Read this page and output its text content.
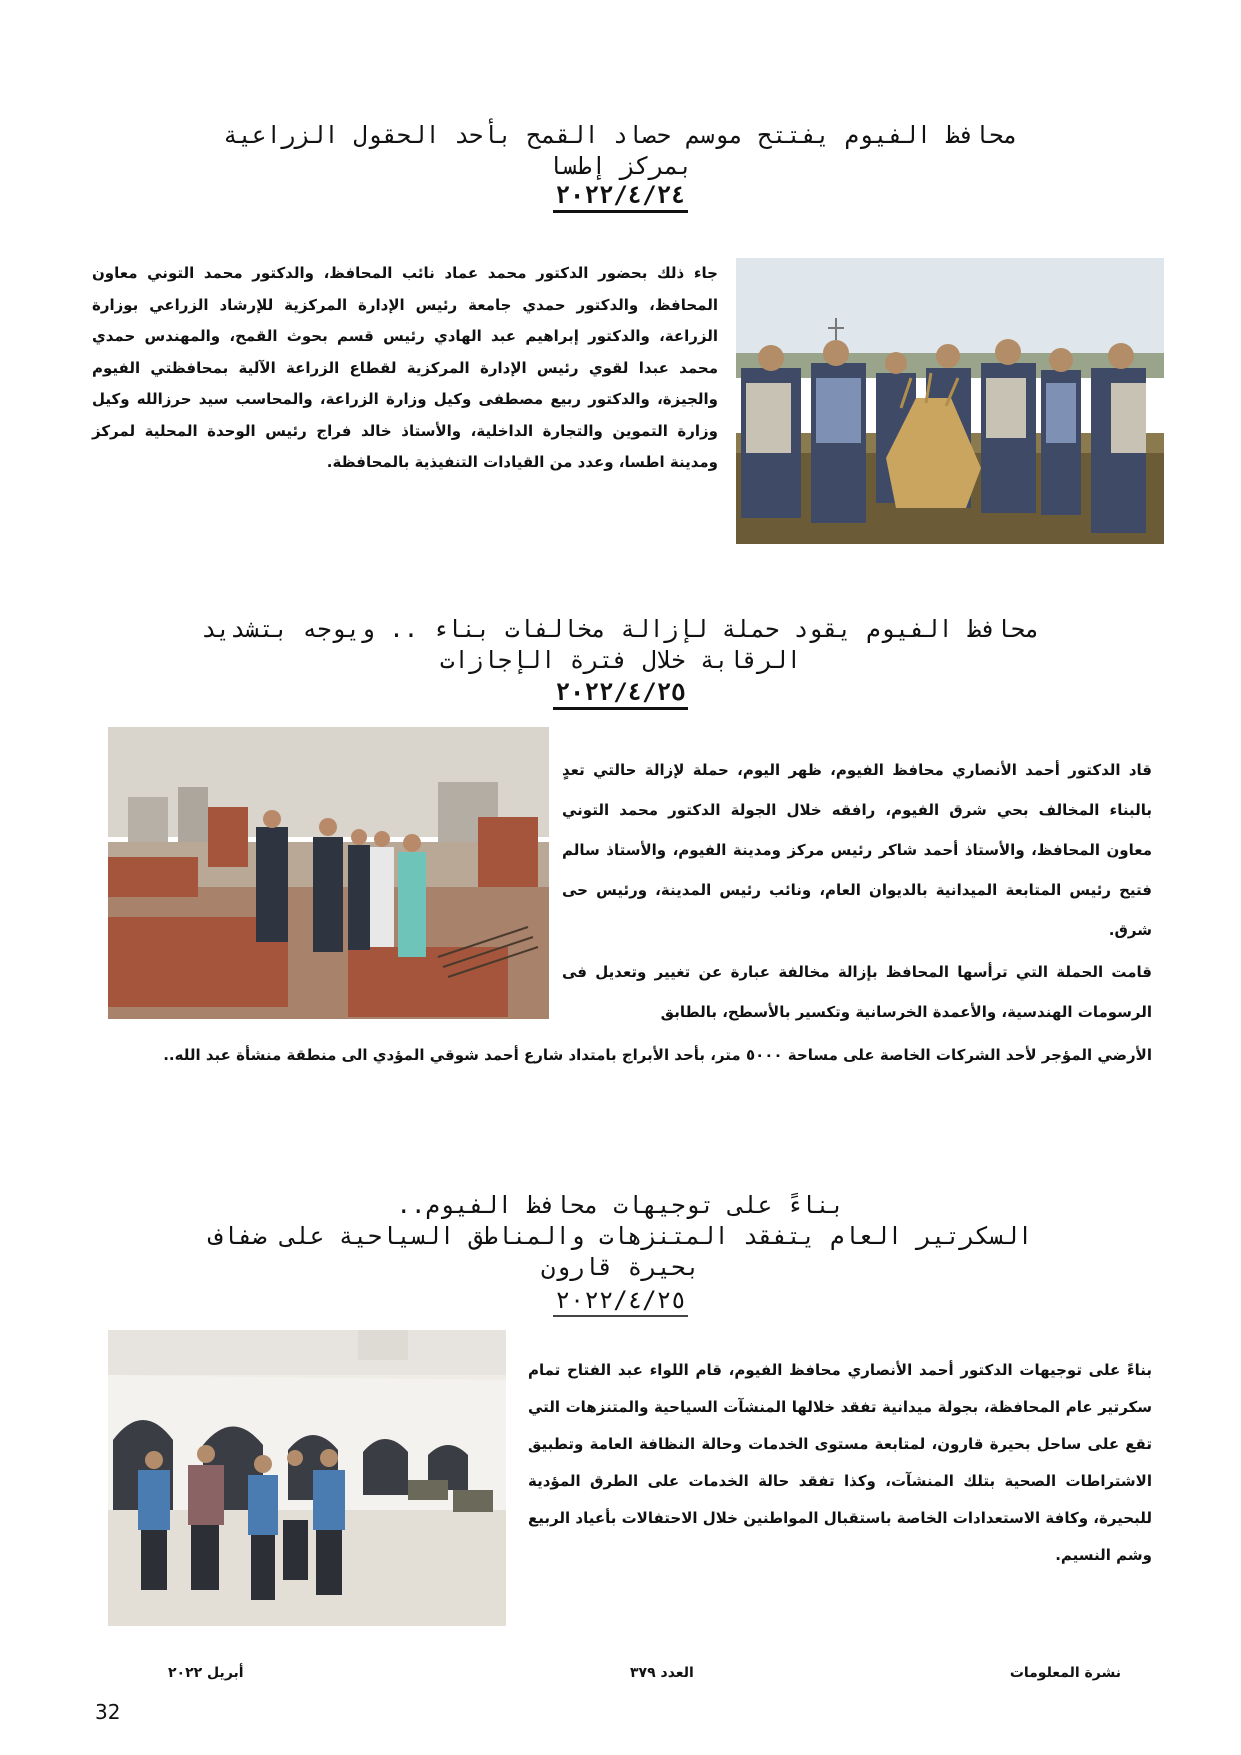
محافظ الفيوم يفتتح موسم حصاد القمح بأحد الحقول الزراعية
بمركز إطسا
٢٠٢٢/٤/٢٤
جاء ذلك بحضور الدكتور محمد عماد نائب المحافظ، والدكتور محمد التوني معاون المحافظ، والدكتور حمدي جامعة رئيس الإدارة المركزية للإرشاد الزراعي بوزارة الزراعة، والدكتور إبراهيم عبد الهادي رئيس قسم بحوث القمح، والمهندس حمدي محمد عبدا لقوي رئيس الإدارة المركزية لقطاع الزراعة الآلية بمحافظتي الفيوم والجيزة، والدكتور ربيع مصطفى وكيل وزارة الزراعة، والمحاسب سيد حرزالله وكيل وزارة التموين والتجارة الداخلية، والأستاذ خالد فراج رئيس الوحدة المحلية لمركز ومدينة اطسا، وعدد من القيادات التنفيذية بالمحافظة.
محافظ الفيوم يقود حملة لإزالة مخالفات بناء .. ويوجه بتشديد
الرقابة خلال فترة الإجازات
٢٠٢٢/٤/٢٥
قاد الدكتور أحمد الأنصاري محافظ الفيوم، ظهر اليوم، حملة لإزالة حالتي تعدٍ بالبناء المخالف بحي شرق الفيوم، رافقه خلال الجولة الدكتور محمد التوني معاون المحافظ، والأستاذ أحمد شاكر رئيس مركز ومدينة الفيوم، والأستاذ سالم فتيح رئيس المتابعة الميدانية بالديوان العام، ونائب رئيس المدينة، ورئيس حى شرق.
قامت الحملة التي ترأسها المحافظ بإزالة مخالفة عبارة عن تغيير وتعديل فى الرسومات الهندسية، والأعمدة الخرسانية وتكسير بالأسطح، بالطابق
الأرضي المؤجر لأحد الشركات الخاصة على مساحة ٥٠٠٠ متر، بأحد الأبراج بامتداد شارع أحمد شوقي المؤدي الى منطقة منشأة عبد الله..
بناءً على توجيهات محافظ الفيوم..
السكرتير العام يتفقد المتنزهات والمناطق السياحية على ضفاف
بحيرة قارون
٢٠٢٢/٤/٢٥
بناءً على توجيهات الدكتور أحمد الأنصاري محافظ الفيوم، قام اللواء عبد الفتاح تمام سكرتير عام المحافظة، بجولة ميدانية تفقد خلالها المنشآت السياحية والمتنزهات التي تقع على ساحل بحيرة قارون، لمتابعة مستوى الخدمات وحالة النظافة العامة وتطبيق الاشتراطات الصحية بتلك المنشآت، وكذا تفقد حالة الخدمات على الطرق المؤدية للبحيرة، وكافة الاستعدادات الخاصة باستقبال المواطنين خلال الاحتفالات بأعياد الربيع وشم النسيم.
نشرة المعلومات
العدد ٣٧٩
أبريل ٢٠٢٢
32
